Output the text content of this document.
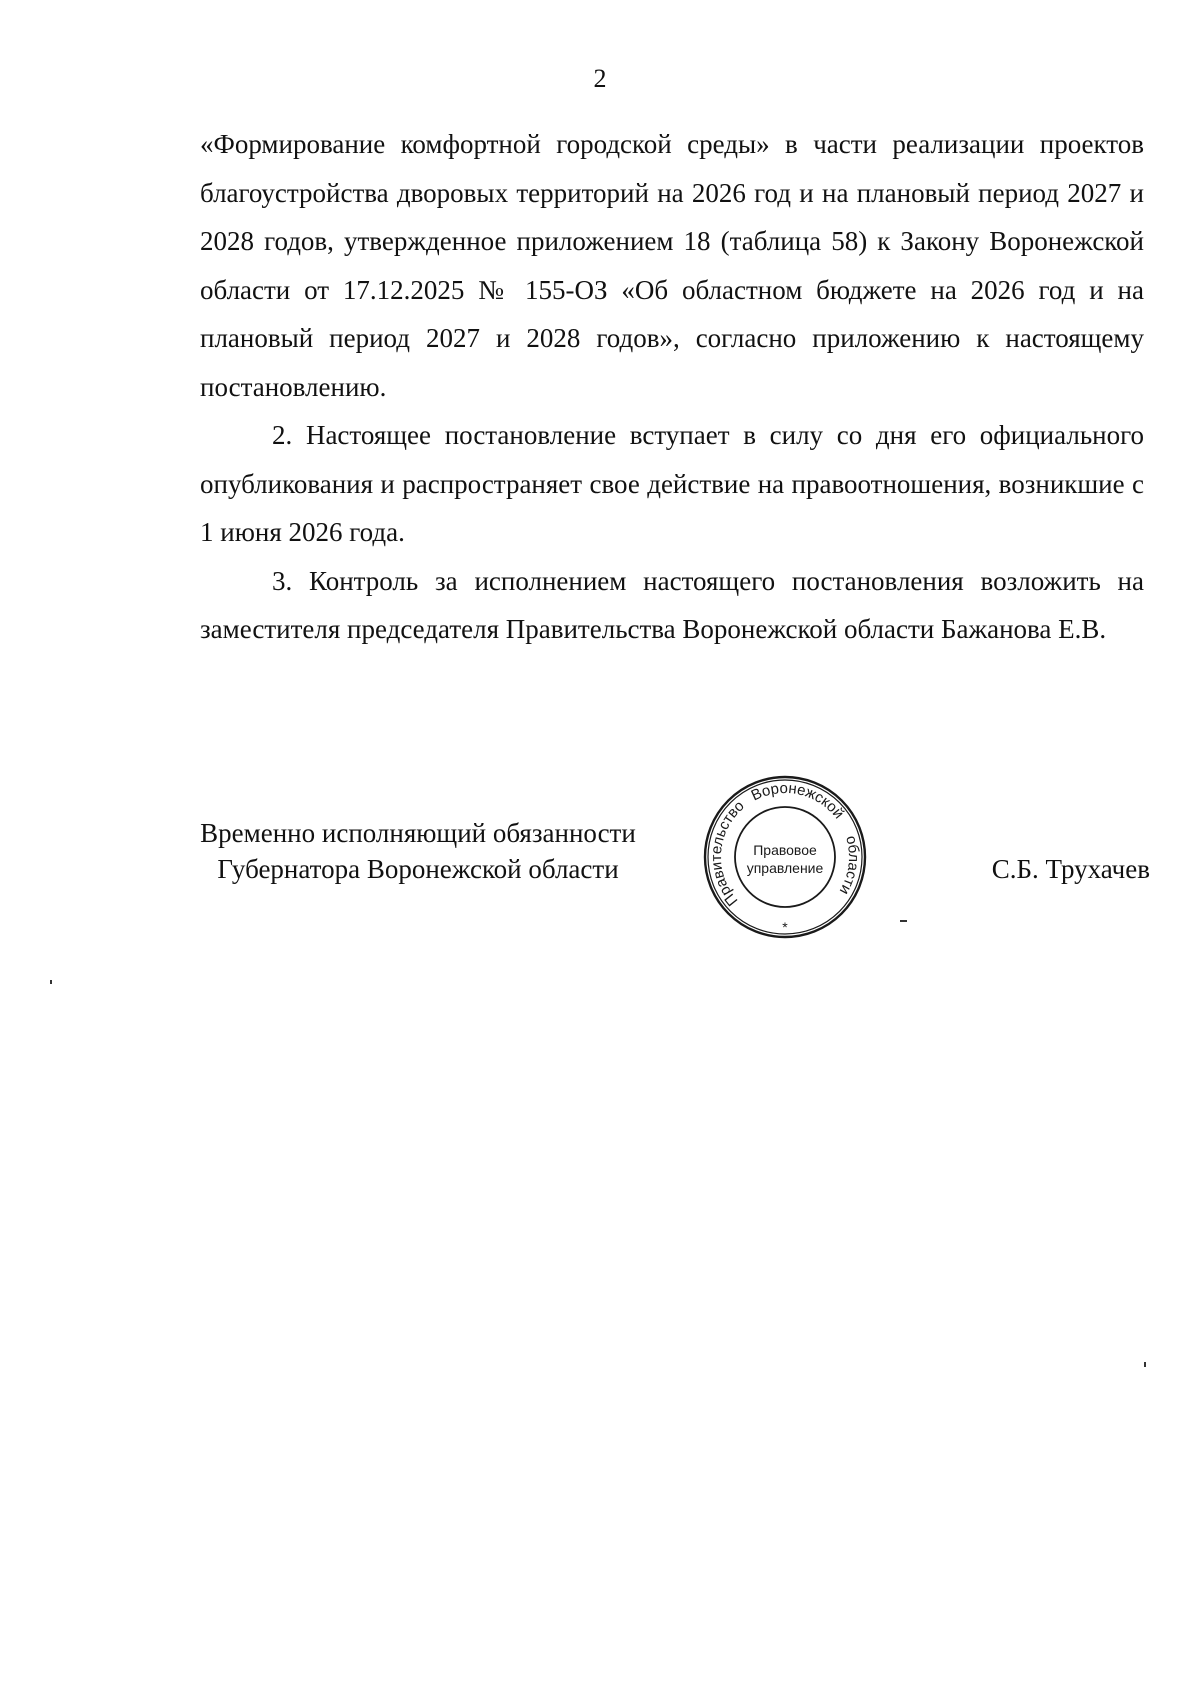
2

«Формирование комфортной городской среды» в части реализации проектов благоустройства дворовых территорий на 2026 год и на плановый период 2027 и 2028 годов, утвержденное приложением 18 (таблица 58) к Закону Воронежской области от 17.12.2025 № 155-ОЗ «Об областном бюджете на 2026 год и на плановый период 2027 и 2028 годов», согласно приложению к настоящему постановлению.

2. Настоящее постановление вступает в силу со дня его официального опубликования и распространяет свое действие на правоотношения, возникшие с 1 июня 2026 года.

3. Контроль за исполнением настоящего постановления возложить на заместителя председателя Правительства Воронежской области Бажанова Е.В.

Временно исполняющий обязанности
Губернатора Воронежской области
Правительство
Воронежской
области
Правовое
управление
*
С.Б. Трухачев
